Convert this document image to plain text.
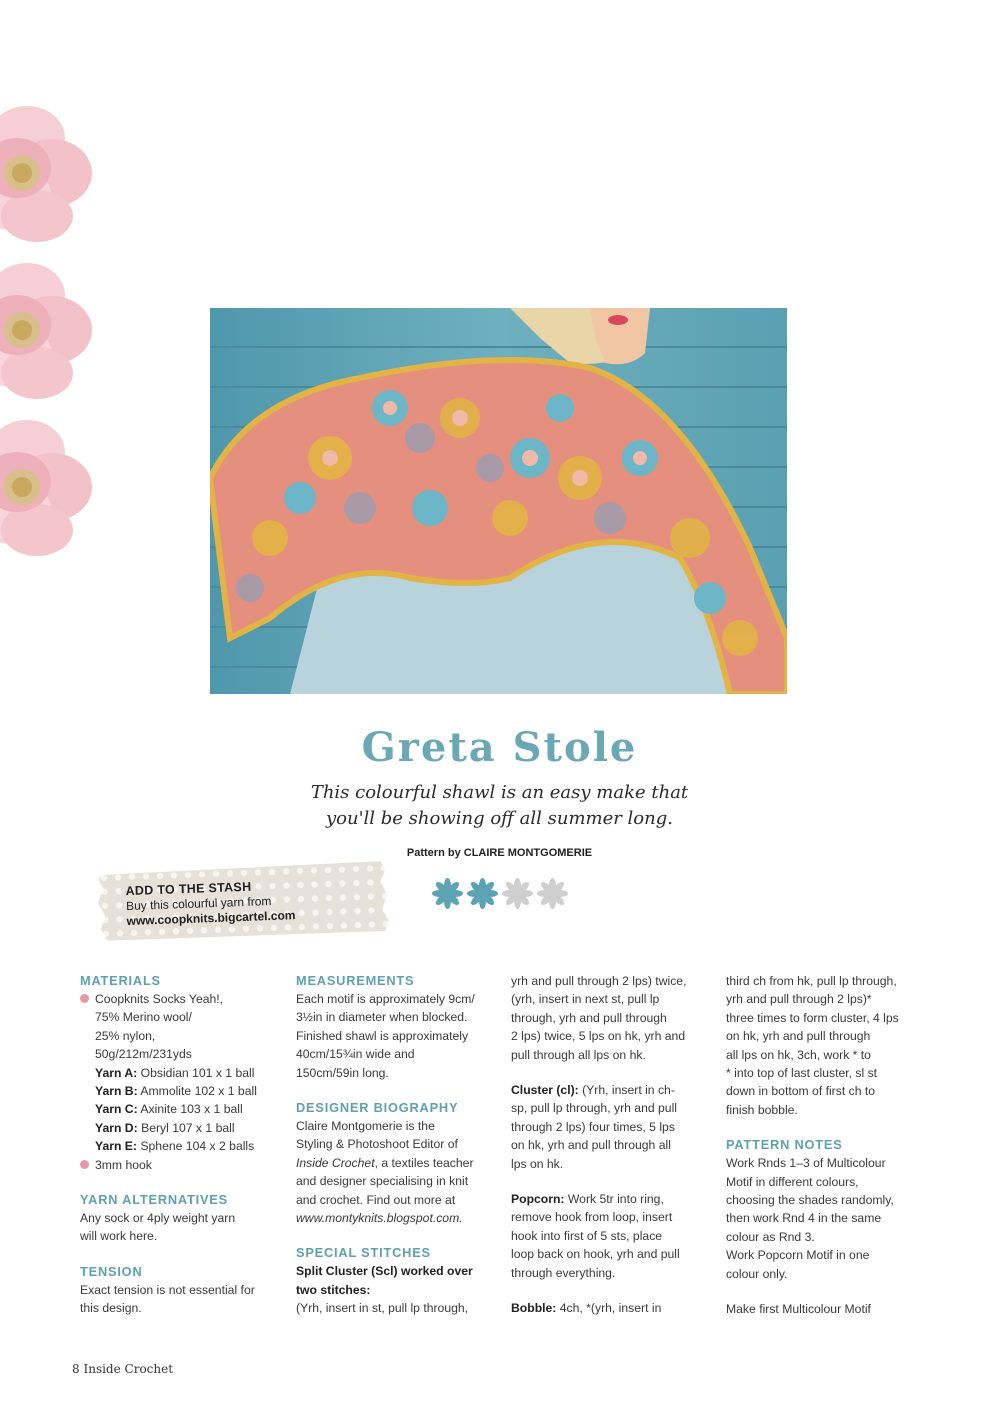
Greta Stole
This colourful shawl is an easy make that
you'll be showing off all summer long.
Pattern by CLAIRE MONTGOMERIE
ADD TO THE STASH
Buy this colourful yarn from
www.coopknits.bigcartel.com

MATERIALS

Coopknits Socks Yeah!,

75% Merino wool/

25% nylon,

50g/212m/231yds

Yarn A: Obsidian 101 x 1 ball

Yarn B: Ammolite 102 x 1 ball

Yarn C: Axinite 103 x 1 ball

Yarn D: Beryl 107 x 1 ball

Yarn E: Sphene 104 x 2 balls

3mm hook

YARN ALTERNATIVES

Any sock or 4ply weight yarn

will work here.

TENSION

Exact tension is not essential for

this design.

MEASUREMENTS

Each motif is approximately 9cm/

3½in in diameter when blocked.

Finished shawl is approximately

40cm/15¾in wide and

150cm/59in long.

DESIGNER BIOGRAPHY

Claire Montgomerie is the

Styling & Photoshoot Editor of

Inside Crochet, a textiles teacher

and designer specialising in knit

and crochet. Find out more at

www.montyknits.blogspot.com.

SPECIAL STITCHES

Split Cluster (Scl) worked over

two stitches:

(Yrh, insert in st, pull lp through,

yrh and pull through 2 lps) twice,

(yrh, insert in next st, pull lp

through, yrh and pull through

2 lps) twice, 5 lps on hk, yrh and

pull through all lps on hk.

Cluster (cl): (Yrh, insert in ch-

sp, pull lp through, yrh and pull

through 2 lps) four times, 5 lps

on hk, yrh and pull through all

lps on hk.

Popcorn: Work 5tr into ring,

remove hook from loop, insert

hook into first of 5 sts, place

loop back on hook, yrh and pull

through everything.

Bobble: 4ch, *(yrh, insert in

third ch from hk, pull lp through,

yrh and pull through 2 lps)*

three times to form cluster, 4 lps

on hk, yrh and pull through

all lps on hk, 3ch, work * to

* into top of last cluster, sl st

down in bottom of first ch to

finish bobble.

PATTERN NOTES

Work Rnds 1–3 of Multicolour

Motif in different colours,

choosing the shades randomly,

then work Rnd 4 in the same

colour as Rnd 3.

Work Popcorn Motif in one

colour only.

Make first Multicolour Motif

8 Inside Crochet
